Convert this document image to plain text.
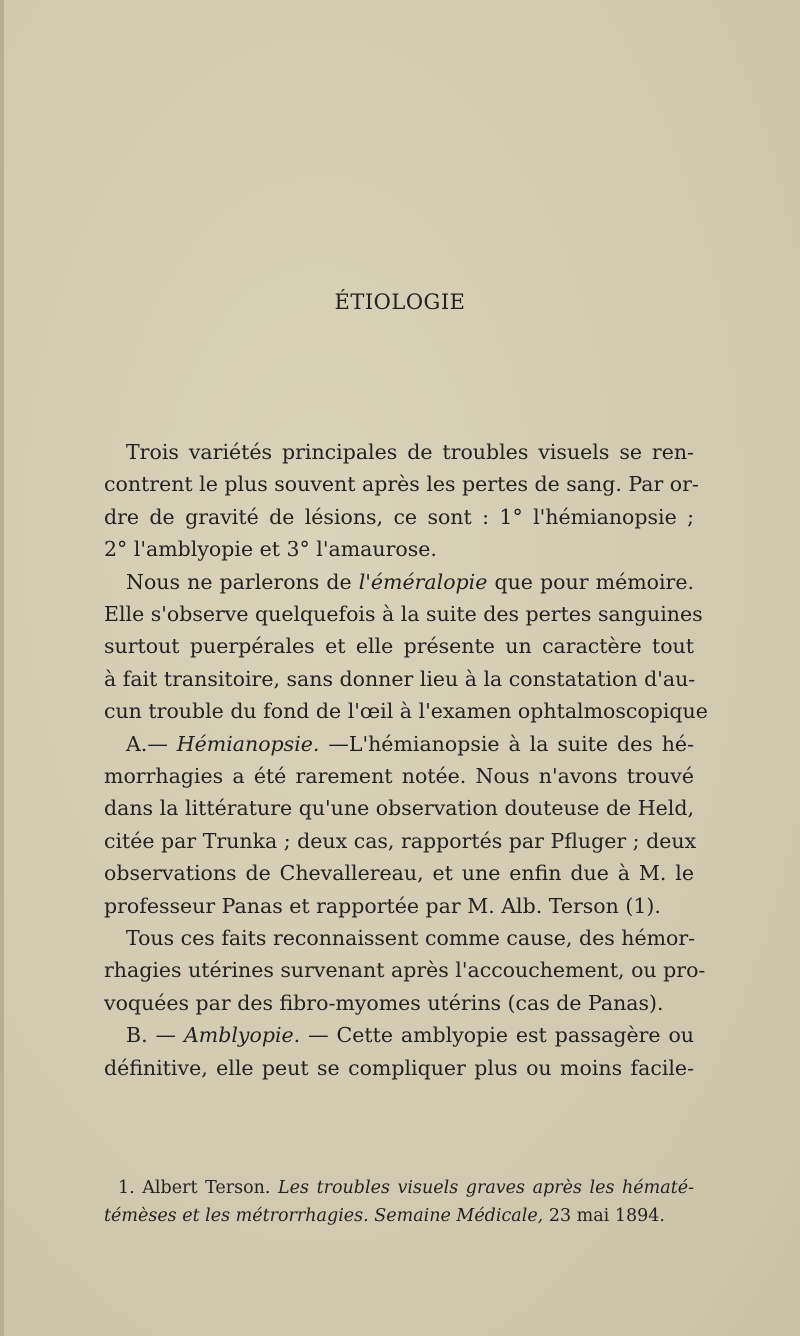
ÉTIOLOGIE
Trois variétés principales de troubles visuels se ren-
contrent le plus souvent après les pertes de sang. Par or-
dre de gravité de lésions, ce sont : 1° l'hémianopsie ;
2° l'amblyopie et 3° l'amaurose.
Nous ne parlerons de l'éméralopie que pour mémoire.
Elle s'observe quelquefois à la suite des pertes sanguines
surtout puerpérales et elle présente un caractère tout
à fait transitoire, sans donner lieu à la constatation d'au-
cun trouble du fond de l'œil à l'examen ophtalmoscopique
A.— Hémianopsie. —L'hémianopsie à la suite des hé-
morrhagies a été rarement notée. Nous n'avons trouvé
dans la littérature qu'une observation douteuse de Held,
citée par Trunka ; deux cas, rapportés par Pfluger ; deux
observations de Chevallereau, et une enfin due à M. le
professeur Panas et rapportée par M. Alb. Terson (1).
Tous ces faits reconnaissent comme cause, des hémor-
rhagies utérines survenant après l'accouchement, ou pro-
voquées par des fibro-myomes utérins (cas de Panas).
B. — Amblyopie. — Cette amblyopie est passagère ou
définitive, elle peut se compliquer plus ou moins facile-
1. Albert Terson. Les troubles visuels graves après les hématé-
témèses et les métrorrhagies. Semaine Médicale, 23 mai 1894.
